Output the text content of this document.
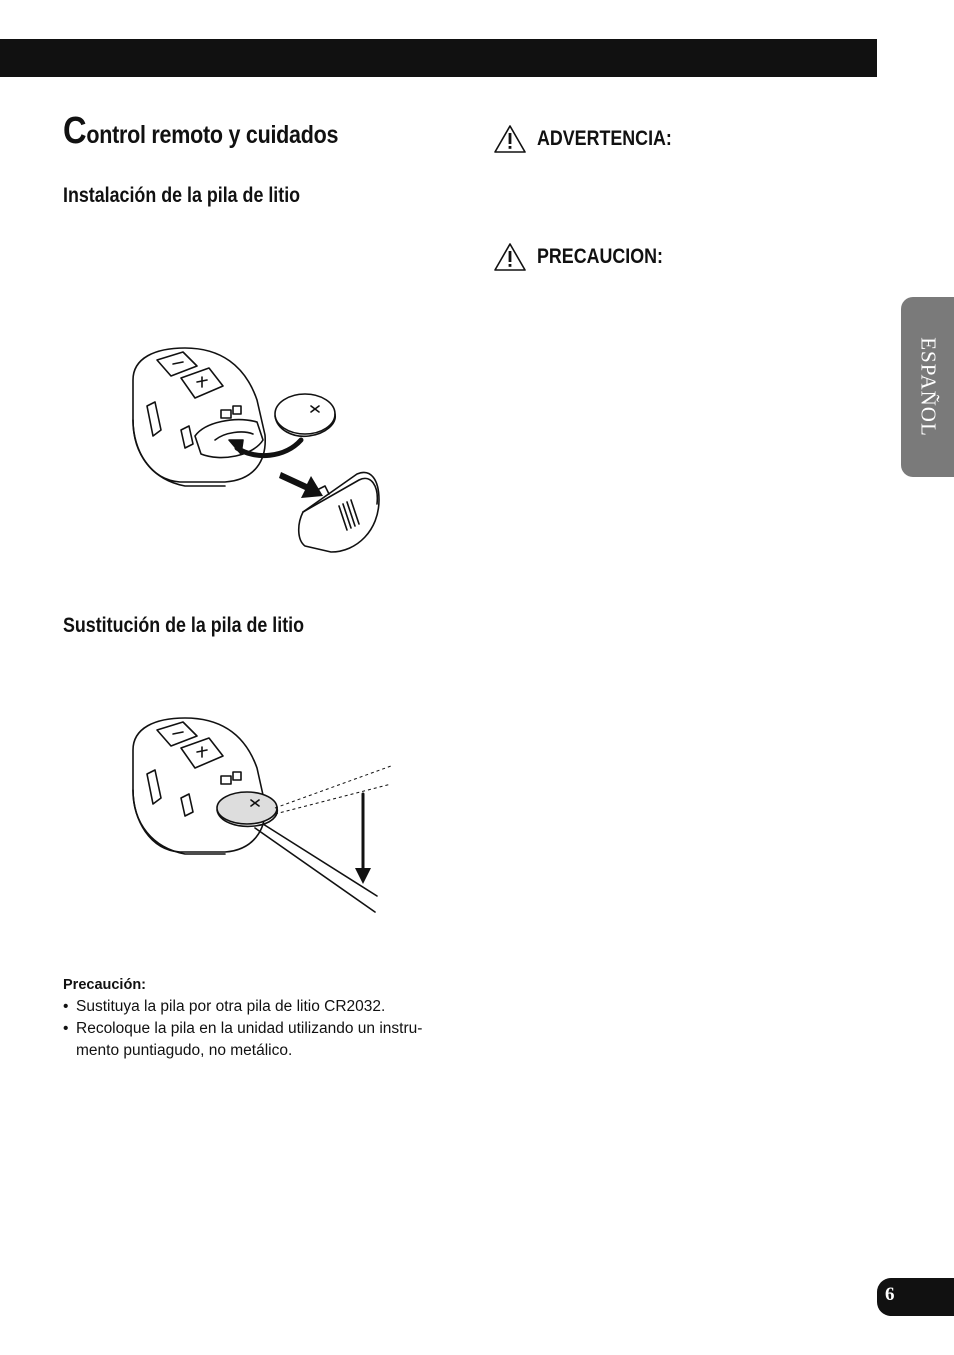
Control remoto y cuidados
Instalación de la pila de litio
Sustitución de la pila de litio
Precaución:
• Sustituya la pila por otra pila de litio CR2032.
• Recoloque la pila en la unidad utilizando un instru-mento puntiagudo, no metálico.
ADVERTENCIA:
PRECAUCION:
ESPAÑOL
6
